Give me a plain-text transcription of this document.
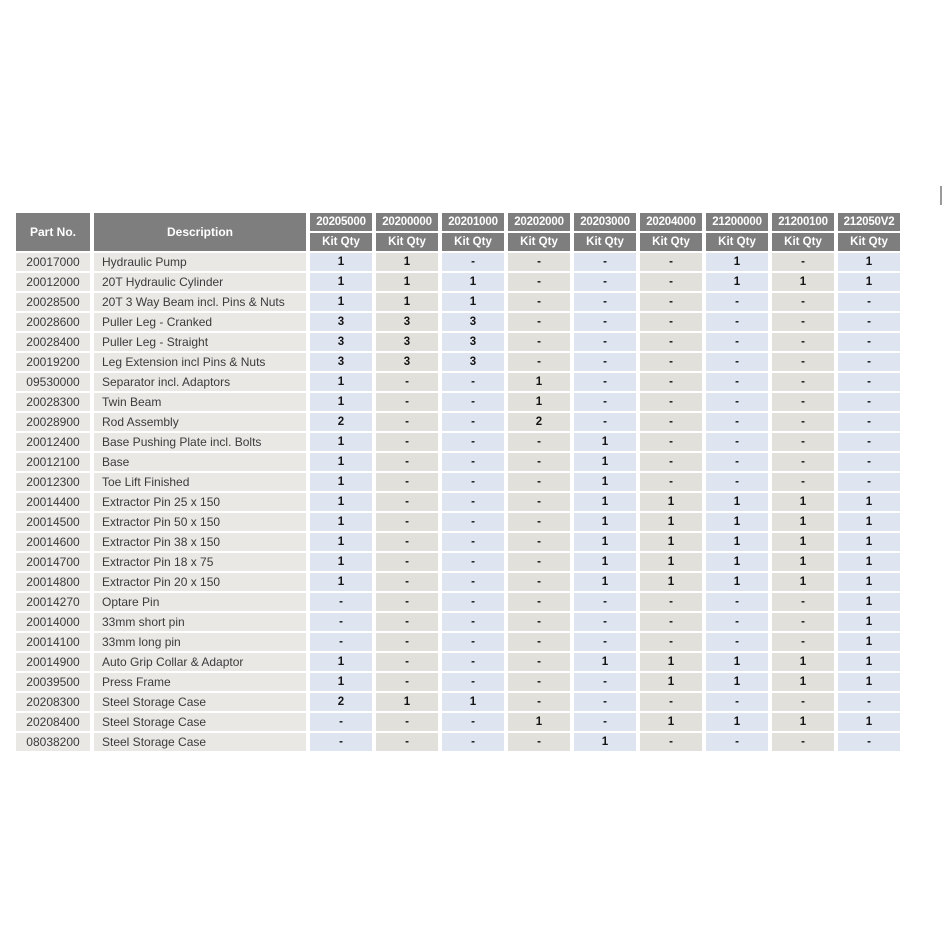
Part No.	Description	20205000	20200000	20201000	20202000	20203000	20204000	21200000	21200100	212050V2
		Kit Qty	Kit Qty	Kit Qty	Kit Qty	Kit Qty	Kit Qty	Kit Qty	Kit Qty	Kit Qty
20017000	Hydraulic Pump	1	1	-	-	-	-	1	-	1
20012000	20T Hydraulic Cylinder	1	1	1	-	-	-	1	1	1
20028500	20T 3 Way Beam incl. Pins & Nuts	1	1	1	-	-	-	-	-	-
20028600	Puller Leg - Cranked	3	3	3	-	-	-	-	-	-
20028400	Puller Leg - Straight	3	3	3	-	-	-	-	-	-
20019200	Leg Extension incl Pins & Nuts	3	3	3	-	-	-	-	-	-
09530000	Separator incl. Adaptors	1	-	-	1	-	-	-	-	-
20028300	Twin Beam	1	-	-	1	-	-	-	-	-
20028900	Rod Assembly	2	-	-	2	-	-	-	-	-
20012400	Base Pushing Plate incl. Bolts	1	-	-	-	1	-	-	-	-
20012100	Base	1	-	-	-	1	-	-	-	-
20012300	Toe Lift Finished	1	-	-	-	1	-	-	-	-
20014400	Extractor Pin 25 x 150	1	-	-	-	1	1	1	1	1
20014500	Extractor Pin 50 x 150	1	-	-	-	1	1	1	1	1
20014600	Extractor Pin 38 x 150	1	-	-	-	1	1	1	1	1
20014700	Extractor Pin 18 x 75	1	-	-	-	1	1	1	1	1
20014800	Extractor Pin 20 x 150	1	-	-	-	1	1	1	1	1
20014270	Optare Pin	-	-	-	-	-	-	-	-	1
20014000	33mm short pin	-	-	-	-	-	-	-	-	1
20014100	33mm long pin	-	-	-	-	-	-	-	-	1
20014900	Auto Grip Collar & Adaptor	1	-	-	-	1	1	1	1	1
20039500	Press Frame	1	-	-	-	-	1	1	1	1
20208300	Steel Storage Case	2	1	1	-	-	-	-	-	-
20208400	Steel Storage Case	-	-	-	1	-	1	1	1	1
08038200	Steel Storage Case	-	-	-	-	1	-	-	-	-
